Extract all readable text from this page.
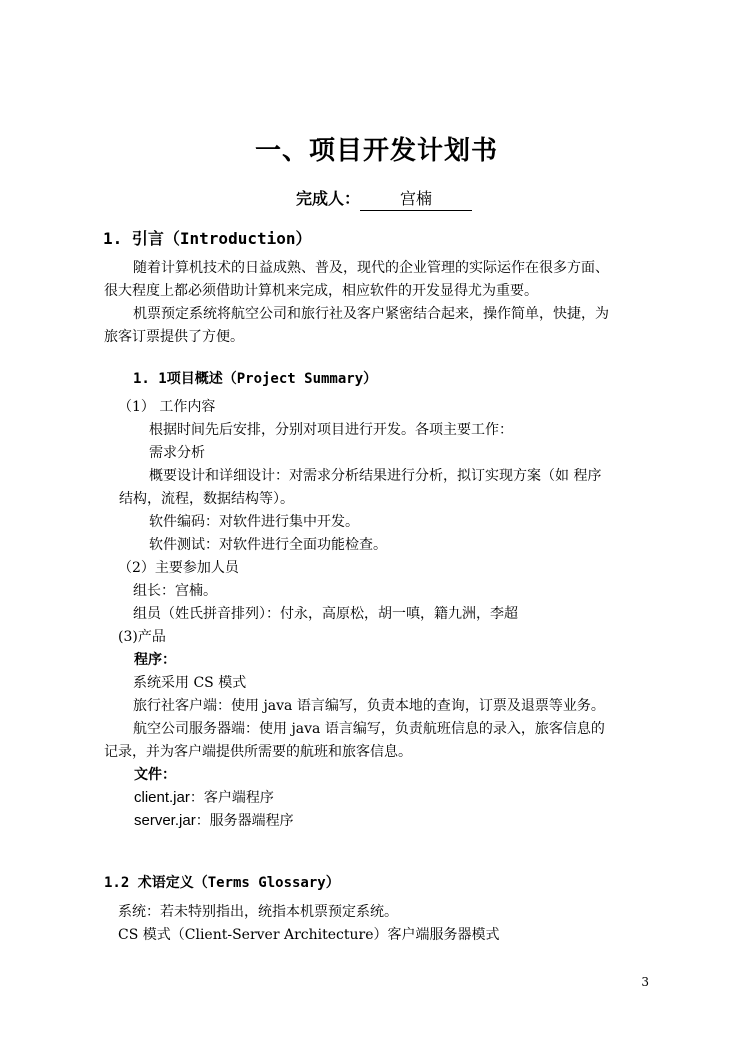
一、项目开发计划书
完成人： 宫楠
1. 引言（Introduction）
随着计算机技术的日益成熟、普及，现代的企业管理的实际运作在很多方面、
很大程度上都必须借助计算机来完成，相应软件的开发显得尤为重要。
机票预定系统将航空公司和旅行社及客户紧密结合起来，操作简单，快捷，为
旅客订票提供了方便。
1. 1项目概述（Project Summary）
（1） 工作内容
根据时间先后安排，分别对项目进行开发。各项主要工作：
需求分析
概要设计和详细设计：对需求分析结果进行分析，拟订实现方案（如 程序
结构，流程，数据结构等）。
软件编码：对软件进行集中开发。
软件测试：对软件进行全面功能检查。
（2）主要参加人员
组长：宫楠。
组员（姓氏拼音排列）：付永，高原松，胡一嗔，籍九洲，李超
(3)产品
程序：
系统采用 CS 模式
旅行社客户端：使用 java 语言编写，负责本地的查询，订票及退票等业务。
航空公司服务器端：使用 java 语言编写，负责航班信息的录入，旅客信息的
记录，并为客户端提供所需要的航班和旅客信息。
文件：
client.jar：客户端程序
server.jar：服务器端程序
1.2 术语定义（Terms Glossary）
系统：若未特别指出，统指本机票预定系统。
CS 模式（Client-Server Architecture）客户端服务器模式
3
